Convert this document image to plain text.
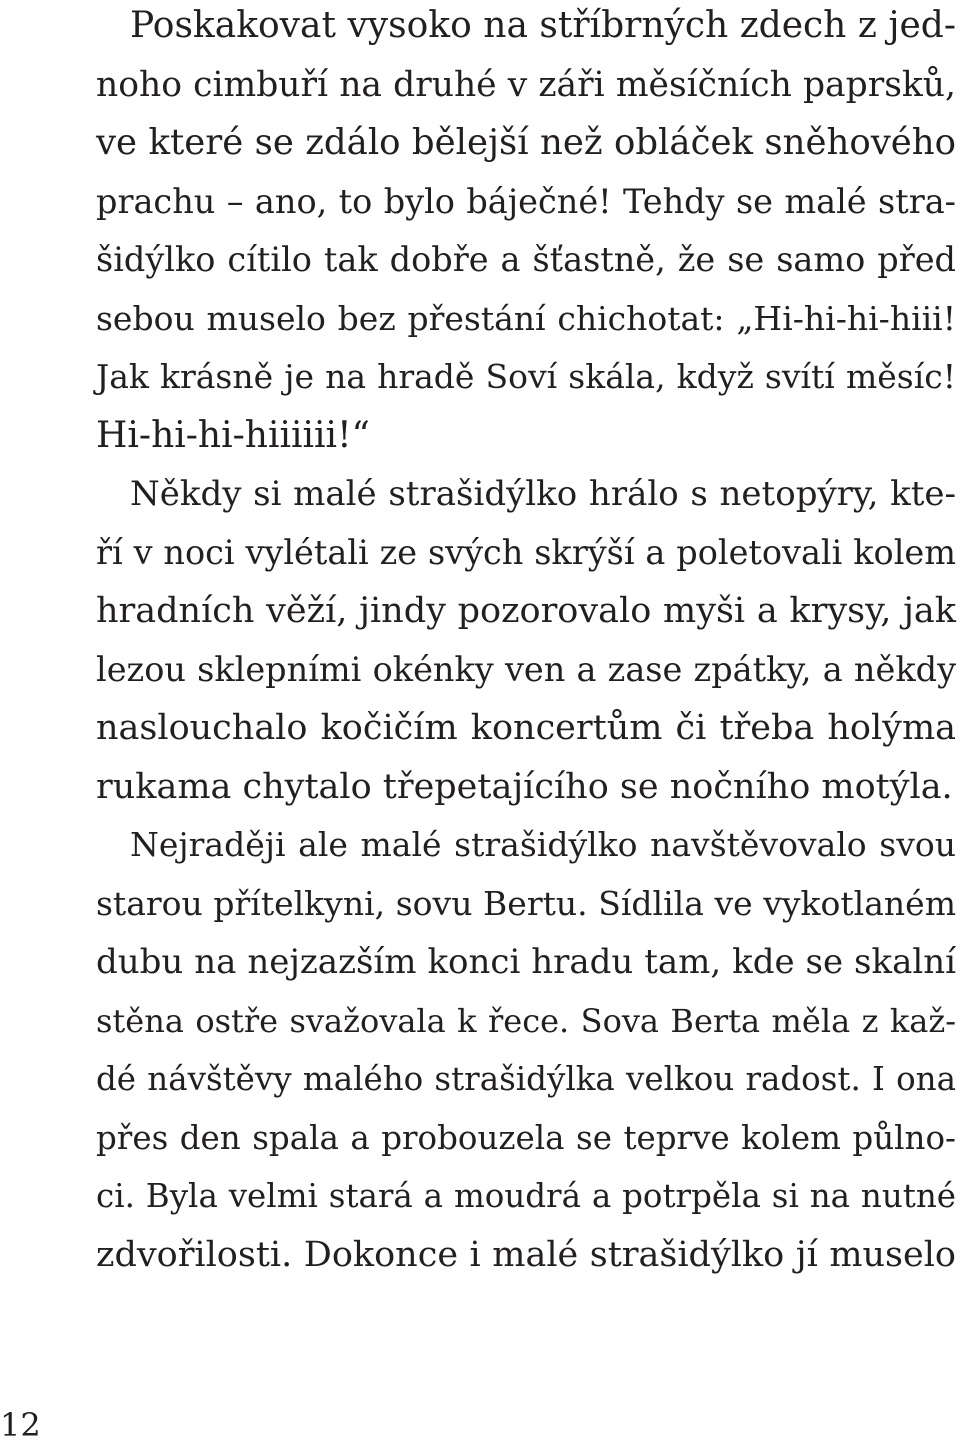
Poskakovat vysoko na stříbrných zdech z jed-
noho cimbuří na druhé v záři měsíčních paprsků,
ve které se zdálo bělejší než obláček sněhového
prachu – ano, to bylo báječné! Tehdy se malé stra-
šidýlko cítilo tak dobře a šťastně, že se samo před
sebou muselo bez přestání chichotat: „Hi-hi-hi-hiii!
Jak krásně je na hradě Soví skála, když svítí měsíc!
Hi-hi-hi-hiiiiii!“
Někdy si malé strašidýlko hrálo s netopýry, kte-
ří v noci vylétali ze svých skrýší a poletovali kolem
hradních věží, jindy pozorovalo myši a krysy, jak
lezou sklepními okénky ven a zase zpátky, a někdy
naslouchalo kočičím koncertům či třeba holýma
rukama chytalo třepetajícího se nočního motýla.
Nejraději ale malé strašidýlko navštěvovalo svou
starou přítelkyni, sovu Bertu. Sídlila ve vykotlaném
dubu na nejzazším konci hradu tam, kde se skalní
stěna ostře svažovala k řece. Sova Berta měla z kaž-
dé návštěvy malého strašidýlka velkou radost. I ona
přes den spala a probouzela se teprve kolem půlno-
ci. Byla velmi stará a moudrá a potrpěla si na nutné
zdvořilosti. Dokonce i malé strašidýlko jí muselo
12
